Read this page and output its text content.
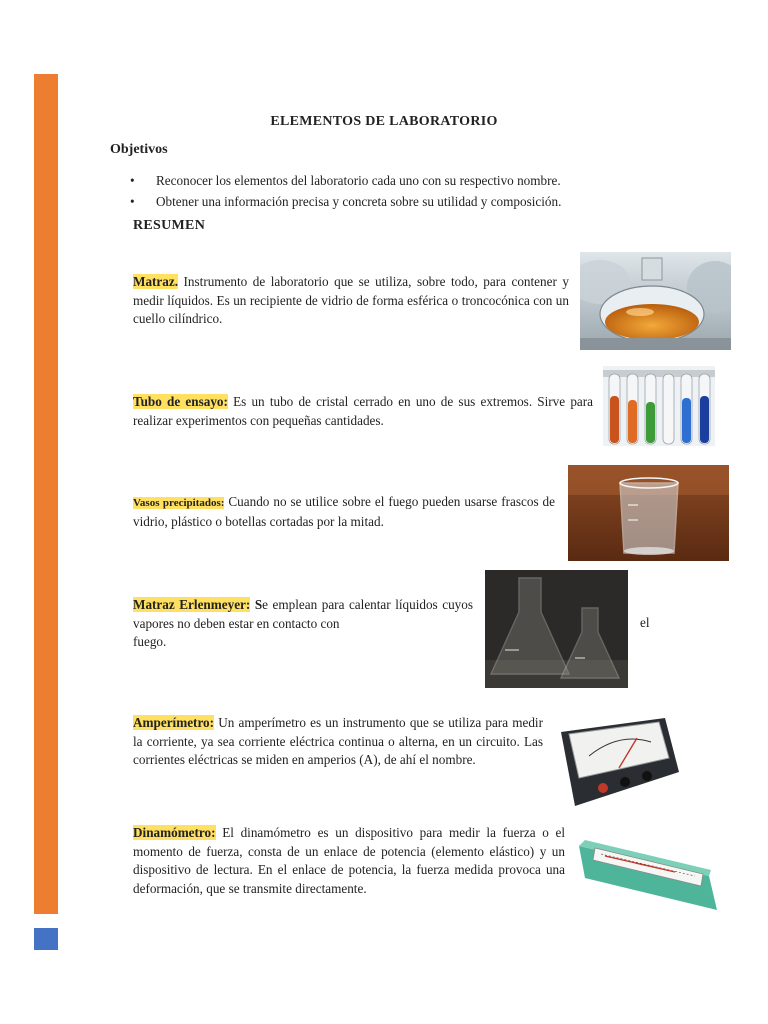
ELEMENTOS DE LABORATORIO
Objetivos
• Reconocer los elementos del laboratorio cada uno con su respectivo nombre.
• Obtener una información precisa y concreta sobre su utilidad y composición.
RESUMEN
Matraz. Instrumento de laboratorio que se utiliza, sobre todo, para contener y medir líquidos. Es un recipiente de vidrio de forma esférica o troncocónica con un cuello cilíndrico.
Tubo de ensayo: Es un tubo de cristal cerrado en uno de sus extremos. Sirve para realizar experimentos con pequeñas cantidades.
Vasos precipitados: Cuando no se utilice sobre el fuego pueden usarse frascos de vidrio, plástico o botellas cortadas por la mitad.
Matraz Erlenmeyer: Se emplean para calentar líquidos cuyos vapores no deben estar en contacto con
fuego.
el
Amperímetro: Un amperímetro es un instrumento que se utiliza para medir la corriente, ya sea corriente eléctrica continua o alterna, en un circuito. Las corrientes eléctricas se miden en amperios (A), de ahí el nombre.
Dinamómetro: El dinamómetro es un dispositivo para medir la fuerza o el momento de fuerza, consta de un enlace de potencia (elemento elástico) y un dispositivo de lectura. En el enlace de potencia, la fuerza medida provoca una deformación, que se transmite directamente.
